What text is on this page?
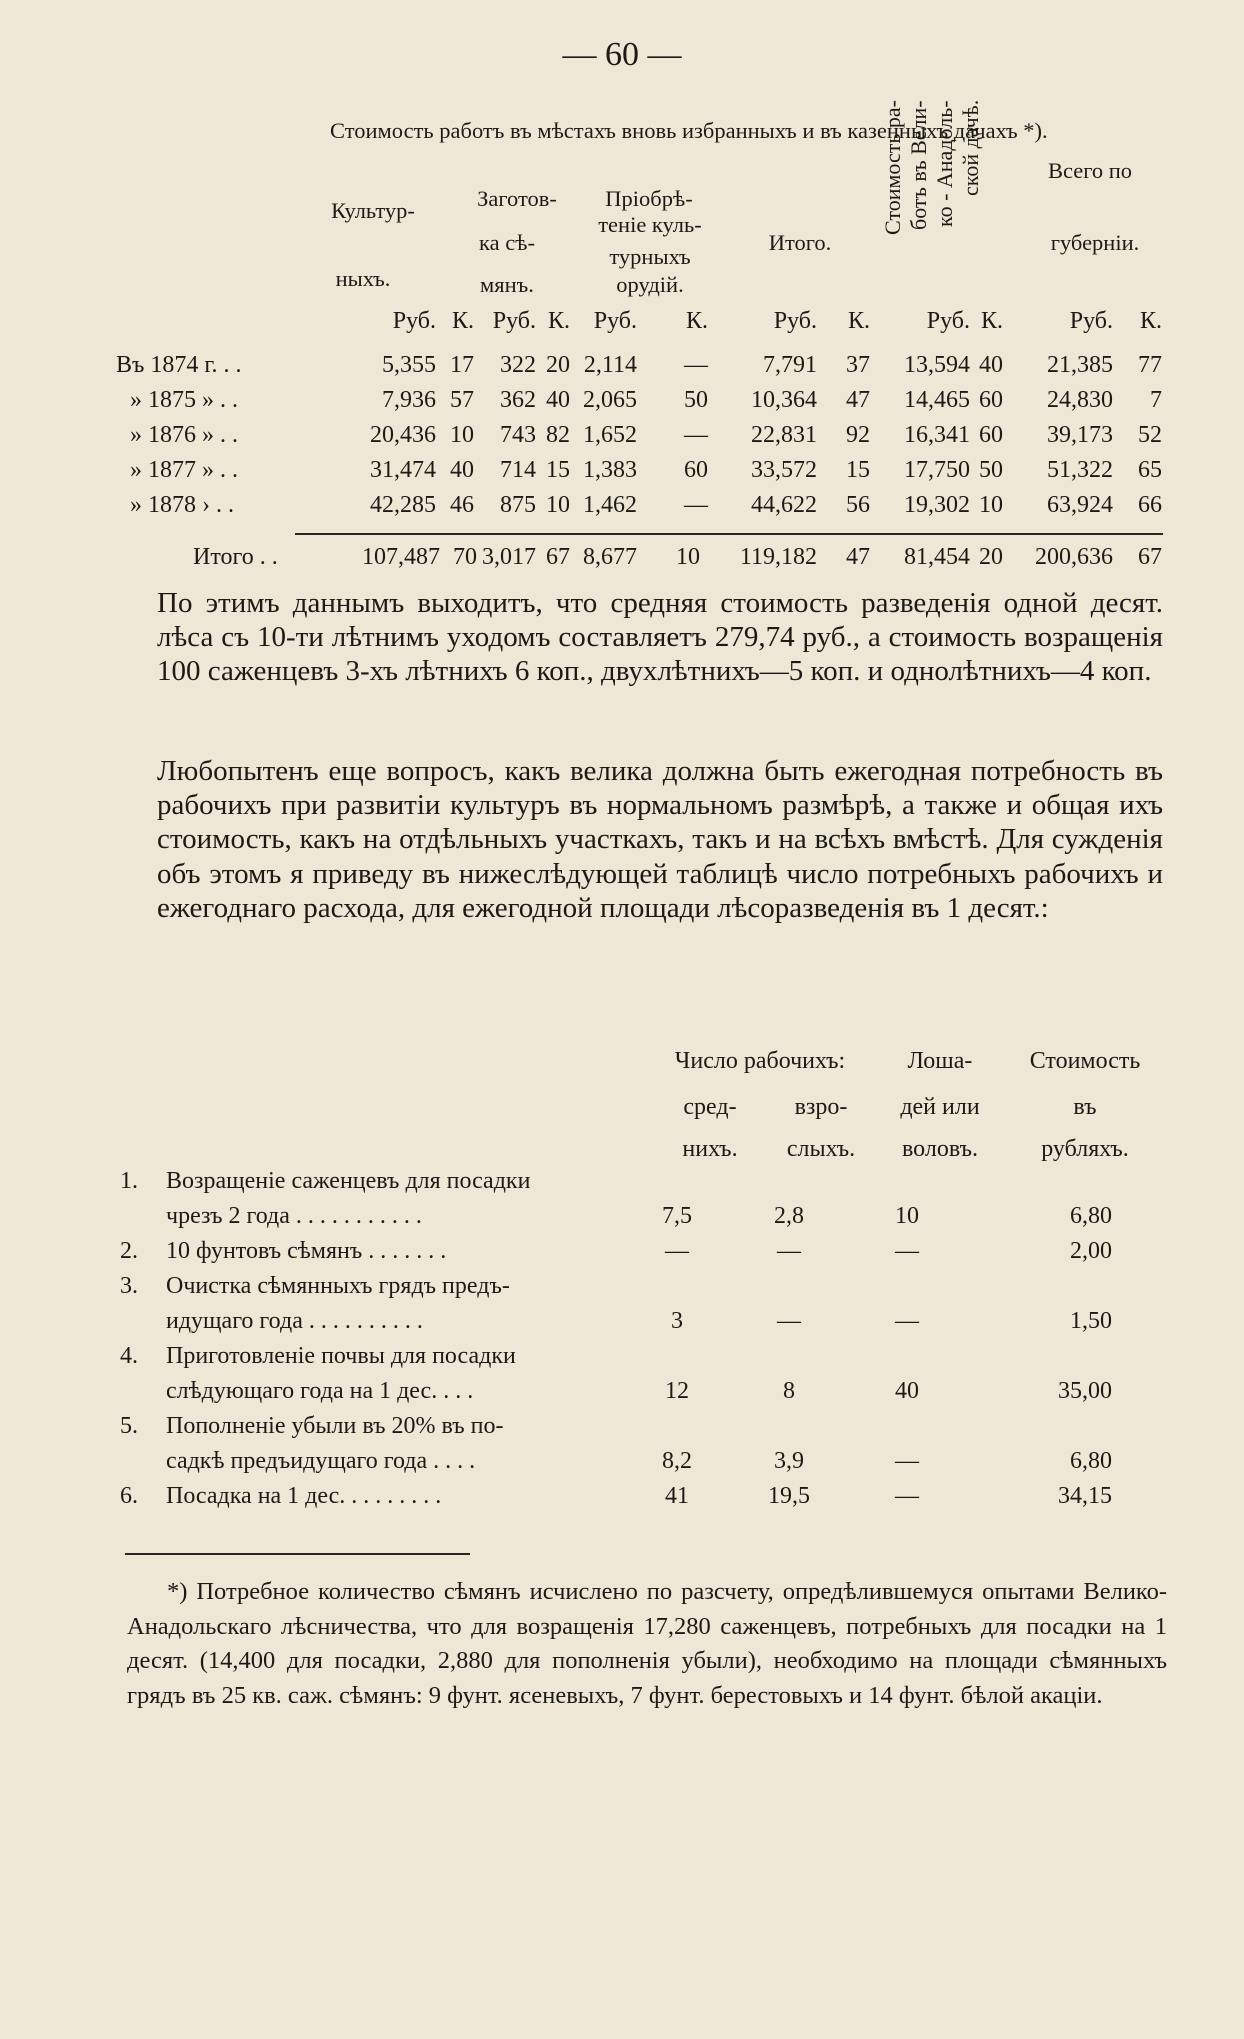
— 60 —
Стоимость работъ въ мѣстахъ вновь избранныхъ и въ казенныхъ дачахъ *).
Культур-
ныхъ.
Заготов-
ка сѣ-
мянъ.
Пріобрѣ-
теніе куль-
турныхъ
орудій.
Итого.
Стоимость ра- ботъ въ Вели- ко - Анадоль- ской дачѣ.	Всего по
губерніи.
Руб. К. Руб. К. Руб.	К.	Руб.	К.	Руб. К.	Руб.	К.
Въ 1874 г. . .	5,355 17	322 20 2,114	—	7,791	37	13,594 40	21,385	77
» 1875 » . .	7,936 57	362 40 2,065	50	10,364	47	14,465 60	24,830	7
» 1876 » . .	20,436 10	743 82 1,652	—	22,831	92	16,341 60	39,173	52
» 1877 » . .	31,474 40	714 15 1,383	60	33,572	15	17,750 50	51,322	65
» 1878 › . .	42,285 46	875 10 1,462	—	44,622	56	19,302 10	63,924	66
Итого . .	107,487 70 3,017 67 8,677	10	119,182	47	81,454 20	200,636	67
По этимъ даннымъ выходитъ, что средняя стоимость разведенія одной десят. лѣса съ 10-ти лѣтнимъ уходомъ составляетъ 279,74 руб., а стоимость возращенія 100 саженцевъ 3-хъ лѣтнихъ 6 коп., двухлѣтнихъ—5 коп. и однолѣтнихъ—4 коп.
Любопытенъ еще вопросъ, какъ велика должна быть ежегодная потребность въ рабочихъ при развитіи культуръ въ нормальномъ размѣрѣ, а также и общая ихъ стоимость, какъ на отдѣльныхъ участкахъ, такъ и на всѣхъ вмѣстѣ. Для сужденія объ этомъ я приведу въ нижеслѣдующей таблицѣ число потребныхъ рабочихъ и ежегоднаго расхода, для ежегодной площади лѣсоразведенія въ 1 десят.:
Число рабочихъ:
сред-
нихъ.
взро-
слыхъ.
Лоша-
дей или
воловъ.
Стоимость
въ
рубляхъ.
1. Возращеніе саженцевъ для посадки
чрезъ 2 года . . . . . . . . . . .	7,5	2,8	10	6,80
2. 10 фунтовъ сѣмянъ . . . . . . .	—	—	—	2,00
3. Очистка сѣмянныхъ грядъ предъ-
идущаго года . . . . . . . . . .	3	—	—	1,50
4. Приготовленіе почвы для посадки
слѣдующаго года на 1 дес. . . .	12	8	40	35,00
5. Пополненіе убыли въ 20% въ по-
садкѣ предъидущаго года . . . .	8,2	3,9	—	6,80
6. Посадка на 1 дес. . . . . . . . .	41	19,5	—	34,15
*) Потребное количество сѣмянъ исчислено по разсчету, опредѣлившемуся опытами Велико-Анадольскаго лѣсничества, что для возращенія 17,280 саженцевъ, потребныхъ для посадки на 1 десят. (14,400 для посадки, 2,880 для пополненія убыли), необходимо на площади сѣмянныхъ грядъ въ 25 кв. саж. сѣмянъ: 9 фунт. ясеневыхъ, 7 фунт. берестовыхъ и 14 фунт. бѣлой акаціи.
